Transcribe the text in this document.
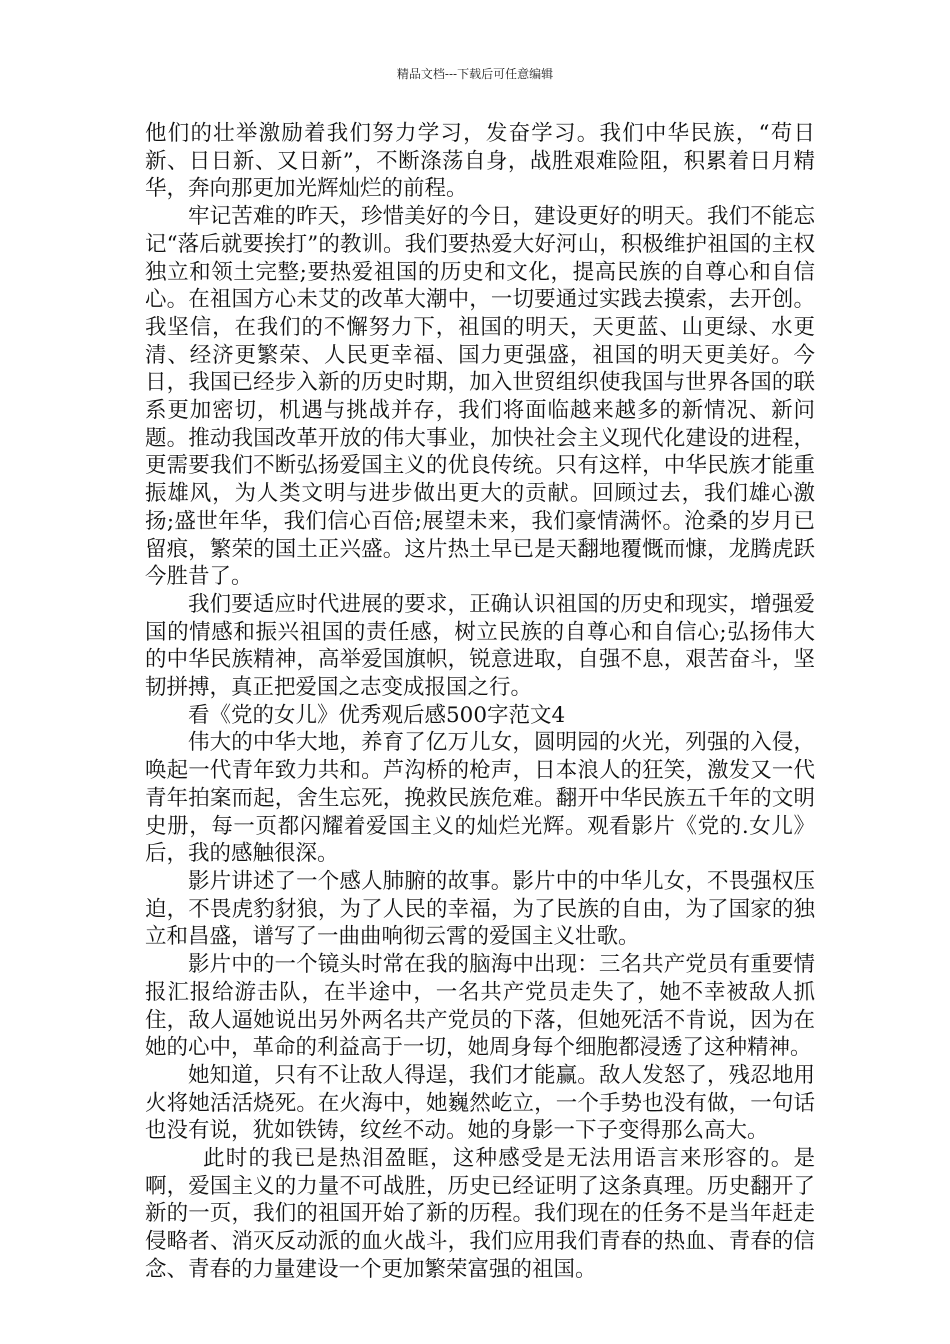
精品文档---下载后可任意编辑

他们的壮举激励着我们努力学习，发奋学习。我们中华民族，“苟日新、日日新、又日新”，不断涤荡自身，战胜艰难险阻，积累着日月精华，奔向那更加光辉灿烂的前程。

牢记苦难的昨天，珍惜美好的今日，建设更好的明天。我们不能忘记“落后就要挨打”的教训。我们要热爱大好河山，积极维护祖国的主权独立和领土完整;要热爱祖国的历史和文化，提高民族的自尊心和自信心。在祖国方心未艾的改革大潮中，一切要通过实践去摸索，去开创。我坚信，在我们的不懈努力下，祖国的明天，天更蓝、山更绿、水更清、经济更繁荣、人民更幸福、国力更强盛，祖国的明天更美好。今日，我国已经步入新的历史时期，加入世贸组织使我国与世界各国的联系更加密切，机遇与挑战并存，我们将面临越来越多的新情况、新问题。推动我国改革开放的伟大事业，加快社会主义现代化建设的进程，更需要我们不断弘扬爱国主义的优良传统。只有这样，中华民族才能重振雄风，为人类文明与进步做出更大的贡献。回顾过去，我们雄心激扬;盛世年华，我们信心百倍;展望未来，我们豪情满怀。沧桑的岁月已留痕，繁荣的国土正兴盛。这片热土早已是天翻地覆慨而慷，龙腾虎跃今胜昔了。

我们要适应时代进展的要求，正确认识祖国的历史和现实，增强爱国的情感和振兴祖国的责任感，树立民族的自尊心和自信心;弘扬伟大的中华民族精神，高举爱国旗帜，锐意进取，自强不息，艰苦奋斗，坚韧拼搏，真正把爱国之志变成报国之行。

看《党的女儿》优秀观后感500字范文4

伟大的中华大地，养育了亿万儿女，圆明园的火光，列强的入侵，唤起一代青年致力共和。芦沟桥的枪声，日本浪人的狂笑，激发又一代青年拍案而起，舍生忘死，挽救民族危难。翻开中华民族五千年的文明史册，每一页都闪耀着爱国主义的灿烂光辉。观看影片《党的.女儿》后，我的感触很深。

影片讲述了一个感人肺腑的故事。影片中的中华儿女，不畏强权压迫，不畏虎豹豺狼，为了人民的幸福，为了民族的自由，为了国家的独立和昌盛，谱写了一曲曲响彻云霄的爱国主义壮歌。

影片中的一个镜头时常在我的脑海中出现：三名共产党员有重要情报汇报给游击队，在半途中，一名共产党员走失了，她不幸被敌人抓住，敌人逼她说出另外两名共产党员的下落，但她死活不肯说，因为在她的心中，革命的利益高于一切，她周身每个细胞都浸透了这种精神。

她知道，只有不让敌人得逞，我们才能赢。敌人发怒了，残忍地用火将她活活烧死。在火海中，她巍然屹立，一个手势也没有做，一句话也没有说，犹如铁铸，纹丝不动。她的身影一下子变得那么高大。

此时的我已是热泪盈眶，这种感受是无法用语言来形容的。是啊，爱国主义的力量不可战胜，历史已经证明了这条真理。历史翻开了新的一页，我们的祖国开始了新的历程。我们现在的任务不是当年赶走侵略者、消灭反动派的血火战斗，我们应用我们青春的热血、青春的信念、青春的力量建设一个更加繁荣富强的祖国。
